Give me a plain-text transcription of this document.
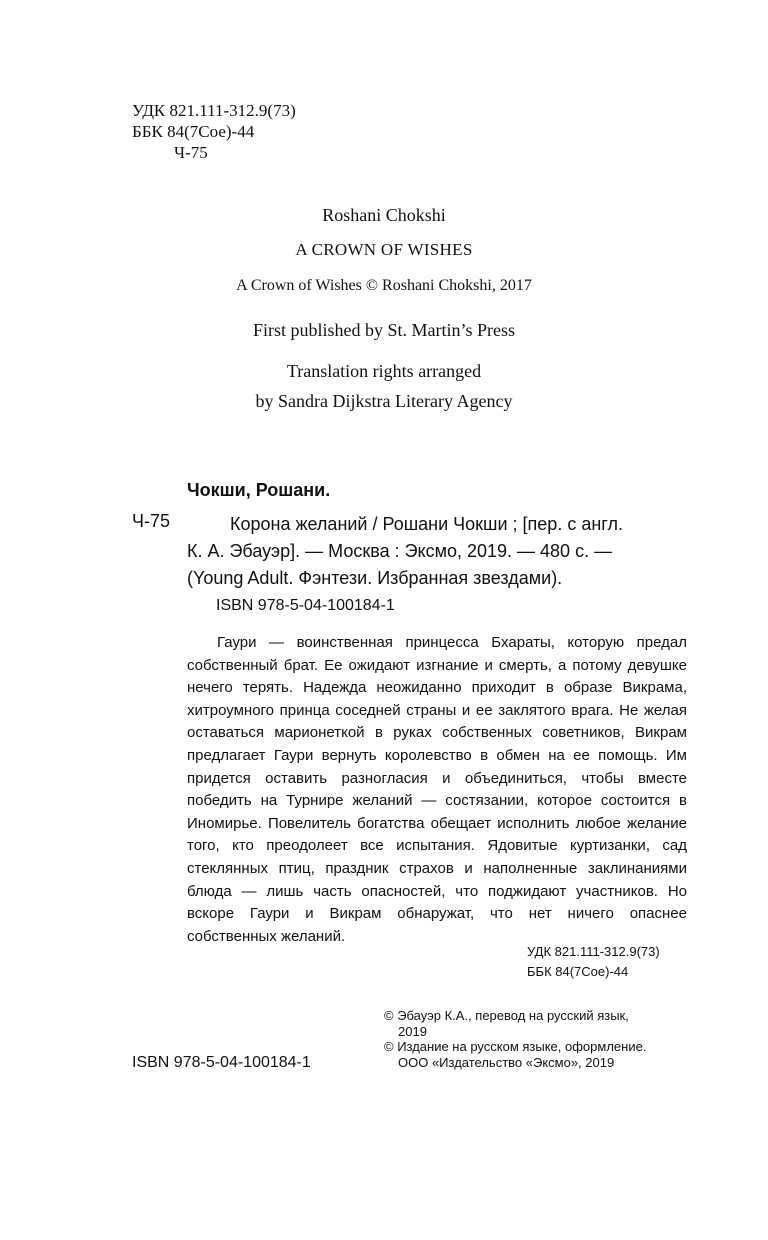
УДК 821.111-312.9(73)
ББК 84(7Сое)-44
Ч-75
Roshani Chokshi
A CROWN OF WISHES
A Crown of Wishes © Roshani Chokshi, 2017
First published by St. Martin’s Press
Translation rights arranged
by Sandra Dijkstra Literary Agency
Чокши, Рошани.
Ч-75	Корона желаний / Рошани Чокши ; [пер. с англ.
К. А. Эбауэр]. — Москва : Эксмо, 2019. — 480 с. —
(Young Adult. Фэнтези. Избранная звездами).
ISBN 978-5-04-100184-1

Гаури — воинственная принцесса Бхараты, которую предал собственный брат. Ее ожидают изгнание и смерть, а потому девушке нечего терять. Надежда неожиданно приходит в образе Викрама, хитроумного принца соседней страны и ее заклятого врага. Не желая оставаться марионеткой в руках собственных советников, Викрам предлагает Гаури вернуть королевство в обмен на ее помощь. Им придется оставить разногласия и объединиться, чтобы вместе победить на Турнире желаний — состязании, которое состоится в Иномирье. Повелитель богатства обещает исполнить любое желание того, кто преодолеет все испытания. Ядовитые куртизанки, сад стеклянных птиц, праздник страхов и наполненные заклинаниями блюда — лишь часть опасностей, что поджидают участников. Но вскоре Гаури и Викрам обнаружат, что нет ничего опаснее собственных желаний.

УДК 821.111-312.9(73)
ББК 84(7Сое)-44
© Эбауэр К.А., перевод на русский язык,
2019
© Издание на русском языке, оформление.
ООО «Издательство «Эксмо», 2019
ISBN 978-5-04-100184-1
